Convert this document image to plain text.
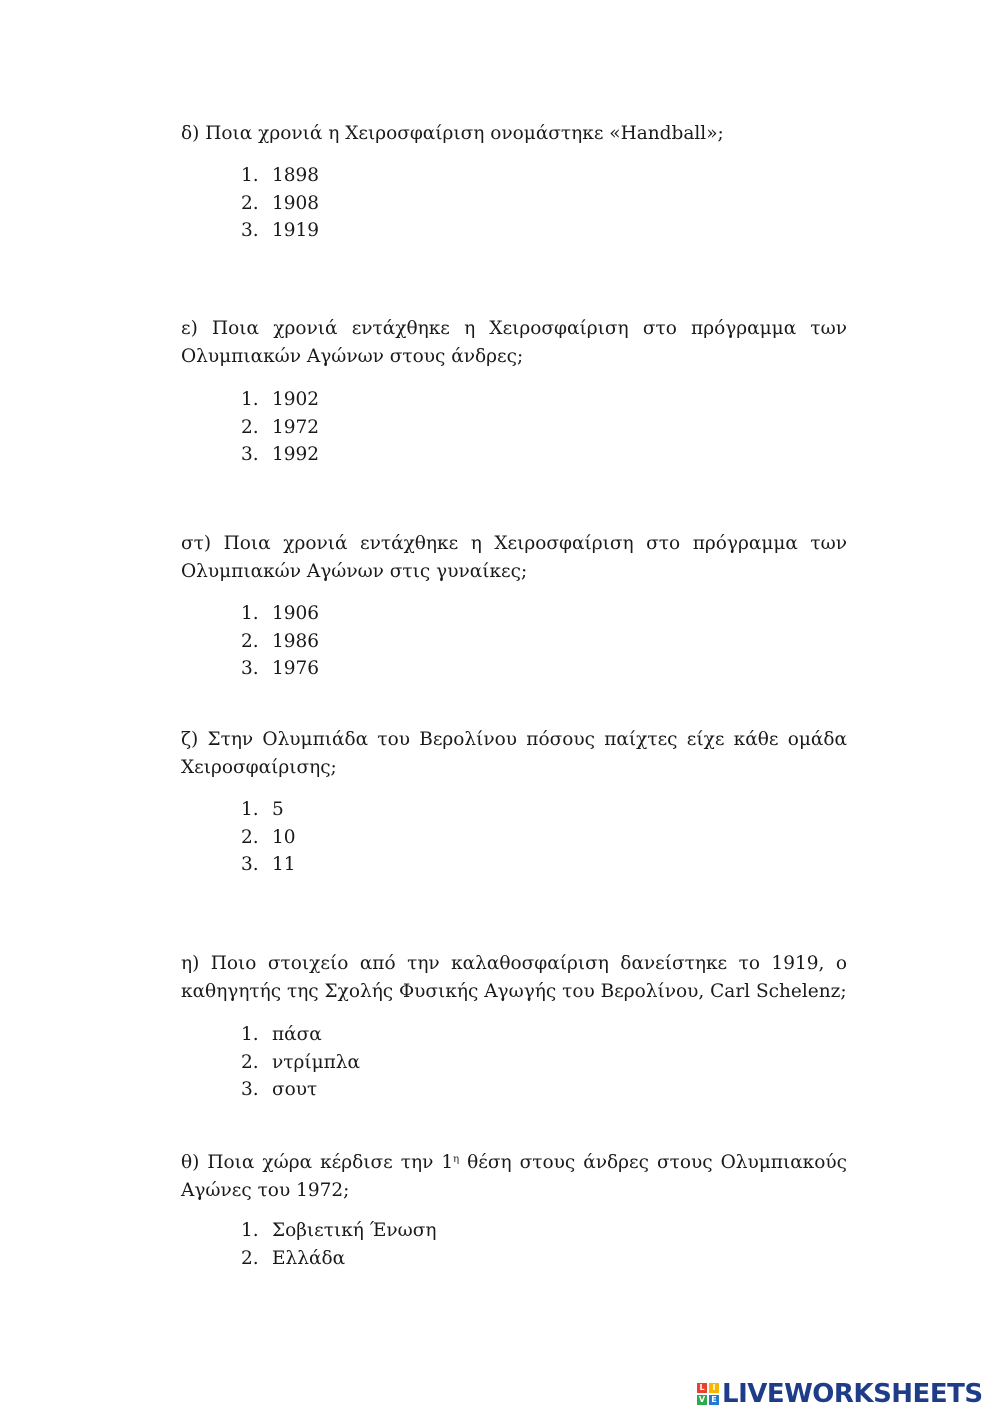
δ) Ποια χρονιά η Χειροσφαίριση ονομάστηκε «Handball»;
1. 1898
2. 1908
3. 1919
ε) Ποια χρονιά εντάχθηκε η Χειροσφαίριση στο πρόγραμμα των Ολυμπιακών Αγώνων στους άνδρες;
1. 1902
2. 1972
3. 1992
στ) Ποια χρονιά εντάχθηκε η Χειροσφαίριση στο πρόγραμμα των Ολυμπιακών Αγώνων στις γυναίκες;
1. 1906
2. 1986
3. 1976
ζ) Στην Ολυμπιάδα του Βερολίνου πόσους παίχτες είχε κάθε ομάδα Χειροσφαίρισης;
1. 5
2. 10
3. 11
η) Ποιο στοιχείο από την καλαθοσφαίριση δανείστηκε το 1919, ο καθηγητής της Σχολής Φυσικής Αγωγής του Βερολίνου, Carl Schelenz;
1. πάσα
2. ντρίμπλα
3. σουτ
θ) Ποια χώρα κέρδισε την $1^\eta$ θέση στους άνδρες στους Ολυμπιακούς Αγώνες του 1972;
1. Σοβιετική Ένωση
2. Ελλάδα
L I
V E LIVEWORKSHEETS
